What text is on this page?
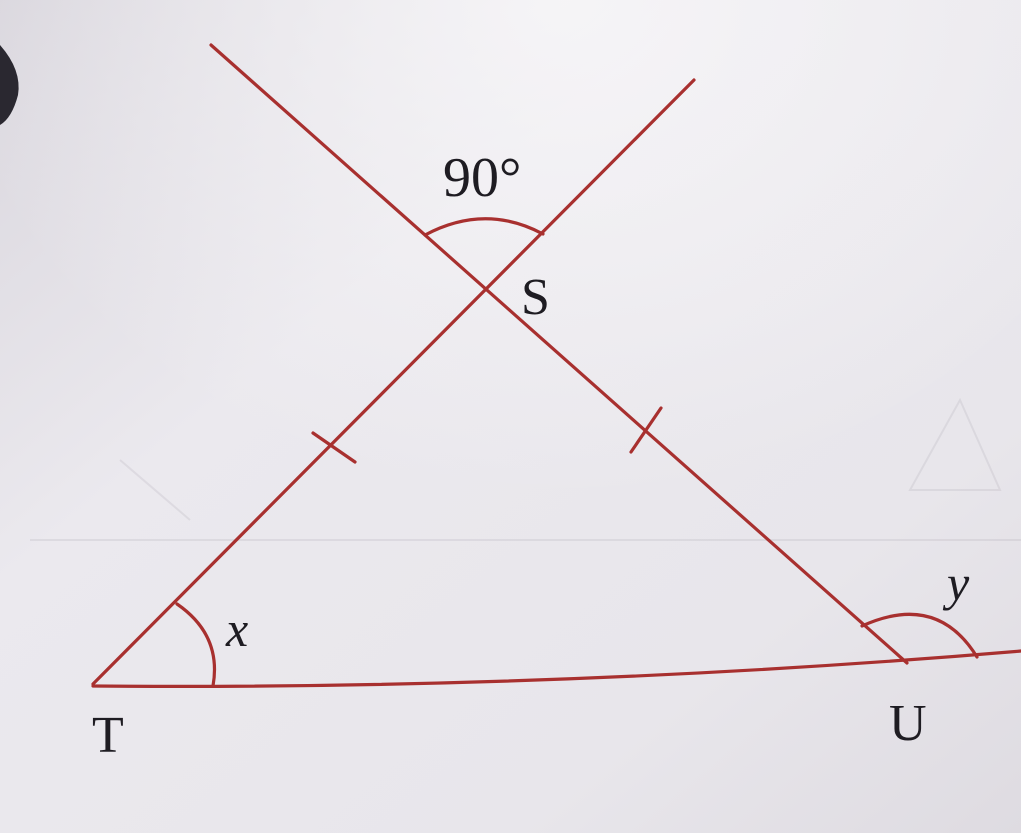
90°
S
T	U
x
y
